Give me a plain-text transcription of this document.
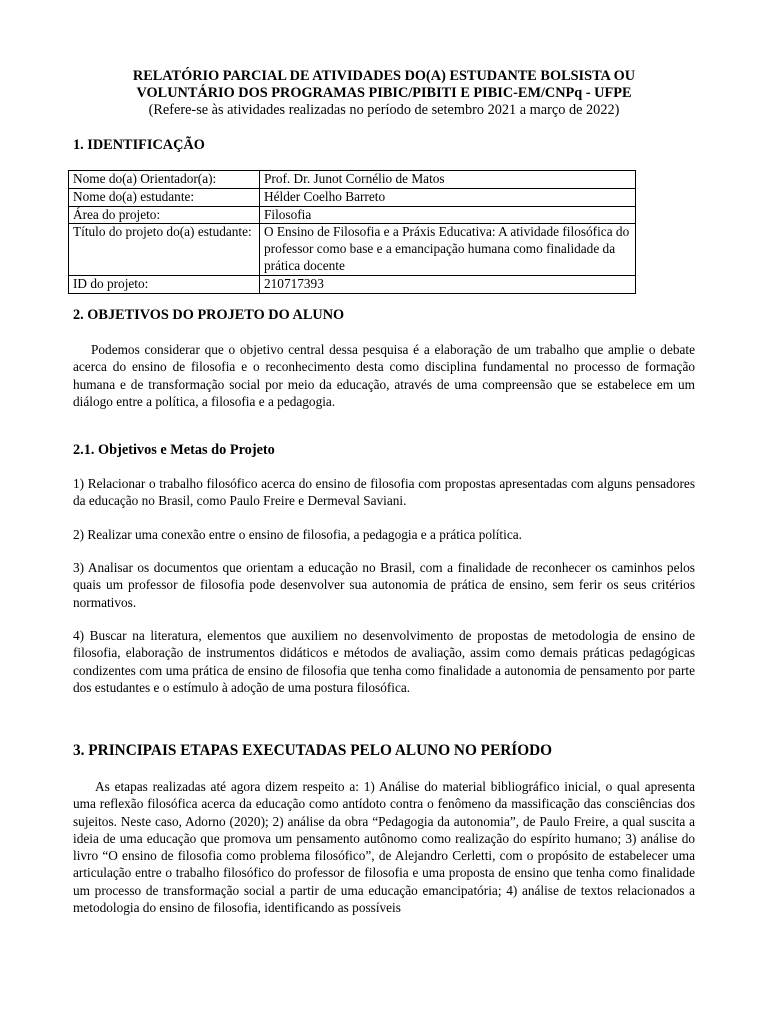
RELATÓRIO PARCIAL DE ATIVIDADES DO(A) ESTUDANTE BOLSISTA OU
VOLUNTÁRIO DOS PROGRAMAS PIBIC/PIBITI E PIBIC-EM/CNPq - UFPE
(Refere-se às atividades realizadas no período de setembro 2021 a março de 2022)
1. IDENTIFICAÇÃO
Nome do(a) Orientador(a):	Prof. Dr. Junot Cornélio de Matos
Nome do(a) estudante:	Hélder Coelho Barreto
Área do projeto:	Filosofia
Título do projeto do(a) estudante:	O Ensino de Filosofia e a Práxis Educativa: A atividade filosófica do professor como base e a emancipação humana como finalidade da prática docente
ID do projeto:	210717393
2. OBJETIVOS DO PROJETO DO ALUNO

Podemos considerar que o objetivo central dessa pesquisa é a elaboração de um trabalho que amplie o debate acerca do ensino de filosofia e o reconhecimento desta como disciplina fundamental no processo de formação humana e de transformação social por meio da educação, através de uma compreensão que se estabelece em um diálogo entre a política, a filosofia e a pedagogia.

2.1. Objetivos e Metas do Projeto

1) Relacionar o trabalho filosófico acerca do ensino de filosofia com propostas apresentadas com alguns pensadores da educação no Brasil, como Paulo Freire e Dermeval Saviani.

2) Realizar uma conexão entre o ensino de filosofia, a pedagogia e a prática política.

3) Analisar os documentos que orientam a educação no Brasil, com a finalidade de reconhecer os caminhos pelos quais um professor de filosofia pode desenvolver sua autonomia de prática de ensino, sem ferir os seus critérios normativos.

4) Buscar na literatura, elementos que auxiliem no desenvolvimento de propostas de metodologia de ensino de filosofia, elaboração de instrumentos didáticos e métodos de avaliação, assim como demais práticas pedagógicas condizentes com uma prática de ensino de filosofia que tenha como finalidade a autonomia de pensamento por parte dos estudantes e o estímulo à adoção de uma postura filosófica.

3. PRINCIPAIS ETAPAS EXECUTADAS PELO ALUNO NO PERÍODO

As etapas realizadas até agora dizem respeito a: 1) Análise do material bibliográfico inicial, o qual apresenta uma reflexão filosófica acerca da educação como antídoto contra o fenômeno da massificação das consciências dos sujeitos. Neste caso, Adorno (2020); 2) análise da obra “Pedagogia da autonomia”, de Paulo Freire, a qual suscita a ideia de uma educação que promova um pensamento autônomo como realização do espírito humano; 3) análise do livro “O ensino de filosofia como problema filosófico”, de Alejandro Cerletti, com o propósito de estabelecer uma articulação entre o trabalho filosófico do professor de filosofia e uma proposta de ensino que tenha como finalidade um processo de transformação social a partir de uma educação emancipatória; 4) análise de textos relacionados a metodologia do ensino de filosofia, identificando as possíveis
